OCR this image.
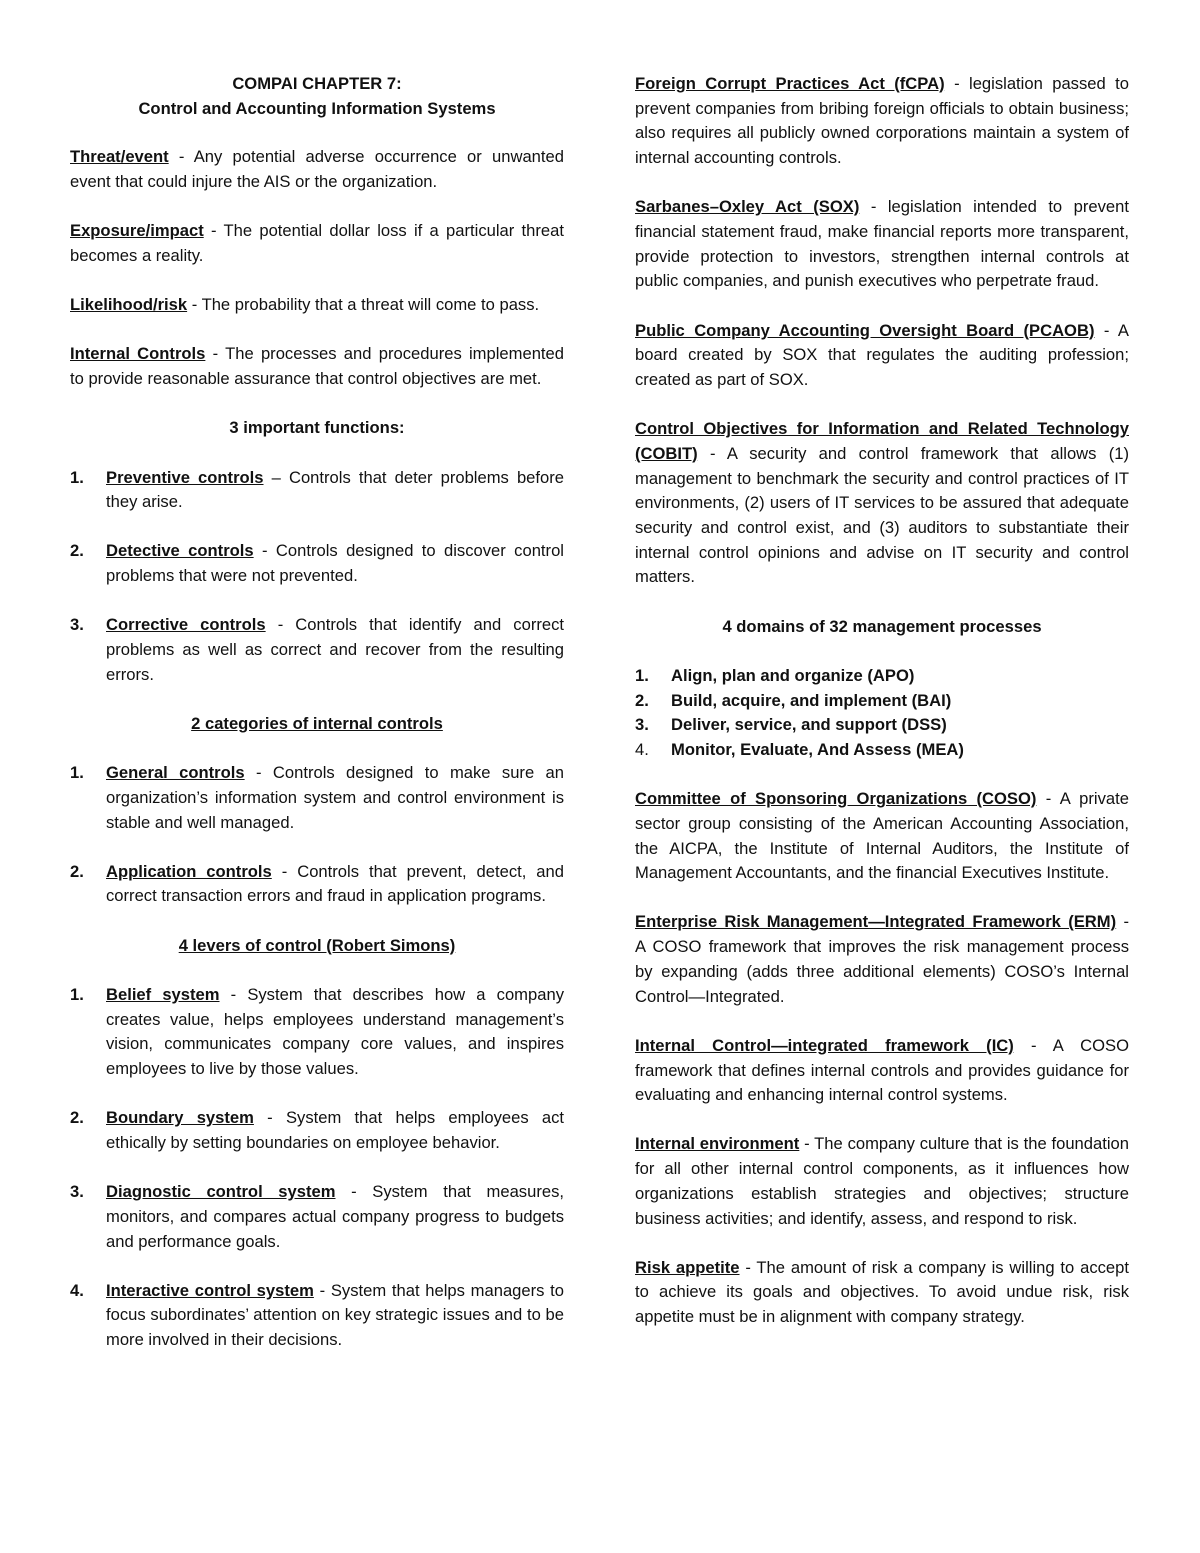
COMPAI CHAPTER 7:
Control and Accounting Information Systems

Threat/event - Any potential adverse occurrence or unwanted event that could injure the AIS or the organization.

Exposure/impact - The potential dollar loss if a particular threat becomes a reality.

Likelihood/risk - The probability that a threat will come to pass.

Internal Controls - The processes and procedures implemented to provide reasonable assurance that control objectives are met.

3 important functions:
1. Preventive controls – Controls that deter problems before they arise.
2. Detective controls - Controls designed to discover control problems that were not prevented.
3. Corrective controls - Controls that identify and correct problems as well as correct and recover from the resulting errors.
2 categories of internal controls
1. General controls - Controls designed to make sure an organization’s information system and control environment is stable and well managed.
2. Application controls - Controls that prevent, detect, and correct transaction errors and fraud in application programs.
4 levers of control (Robert Simons)
1. Belief system - System that describes how a company creates value, helps employees understand management’s vision, communicates company core values, and inspires employees to live by those values.
2. Boundary system - System that helps employees act ethically by setting boundaries on employee behavior.
3. Diagnostic control system - System that measures, monitors, and compares actual company progress to budgets and performance goals.
4. Interactive control system - System that helps managers to focus subordinates’ attention on key strategic issues and to be more involved in their decisions.

Foreign Corrupt Practices Act (fCPA) - legislation passed to prevent companies from bribing foreign officials to obtain business; also requires all publicly owned corporations maintain a system of internal accounting controls.

Sarbanes–Oxley Act (SOX) - legislation intended to prevent financial statement fraud, make financial reports more transparent, provide protection to investors, strengthen internal controls at public companies, and punish executives who perpetrate fraud.

Public Company Accounting Oversight Board (PCAOB) - A board created by SOX that regulates the auditing profession; created as part of SOX.

Control Objectives for Information and Related Technology (COBIT) - A security and control framework that allows (1) management to benchmark the security and control practices of IT environments, (2) users of IT services to be assured that adequate security and control exist, and (3) auditors to substantiate their internal control opinions and advise on IT security and control matters.

4 domains of 32 management processes
1. Align, plan and organize (APO)
2. Build, acquire, and implement (BAI)
3. Deliver, service, and support (DSS)
4. Monitor, Evaluate, And Assess (MEA)

Committee of Sponsoring Organizations (COSO) - A private sector group consisting of the American Accounting Association, the AICPA, the Institute of Internal Auditors, the Institute of Management Accountants, and the financial Executives Institute.

Enterprise Risk Management—Integrated Framework (ERM) - A COSO framework that improves the risk management process by expanding (adds three additional elements) COSO’s Internal Control—Integrated.

Internal Control—integrated framework (IC) - A COSO framework that defines internal controls and provides guidance for evaluating and enhancing internal control systems.

Internal environment - The company culture that is the foundation for all other internal control components, as it influences how organizations establish strategies and objectives; structure business activities; and identify, assess, and respond to risk.

Risk appetite - The amount of risk a company is willing to accept to achieve its goals and objectives. To avoid undue risk, risk appetite must be in alignment with company strategy.
